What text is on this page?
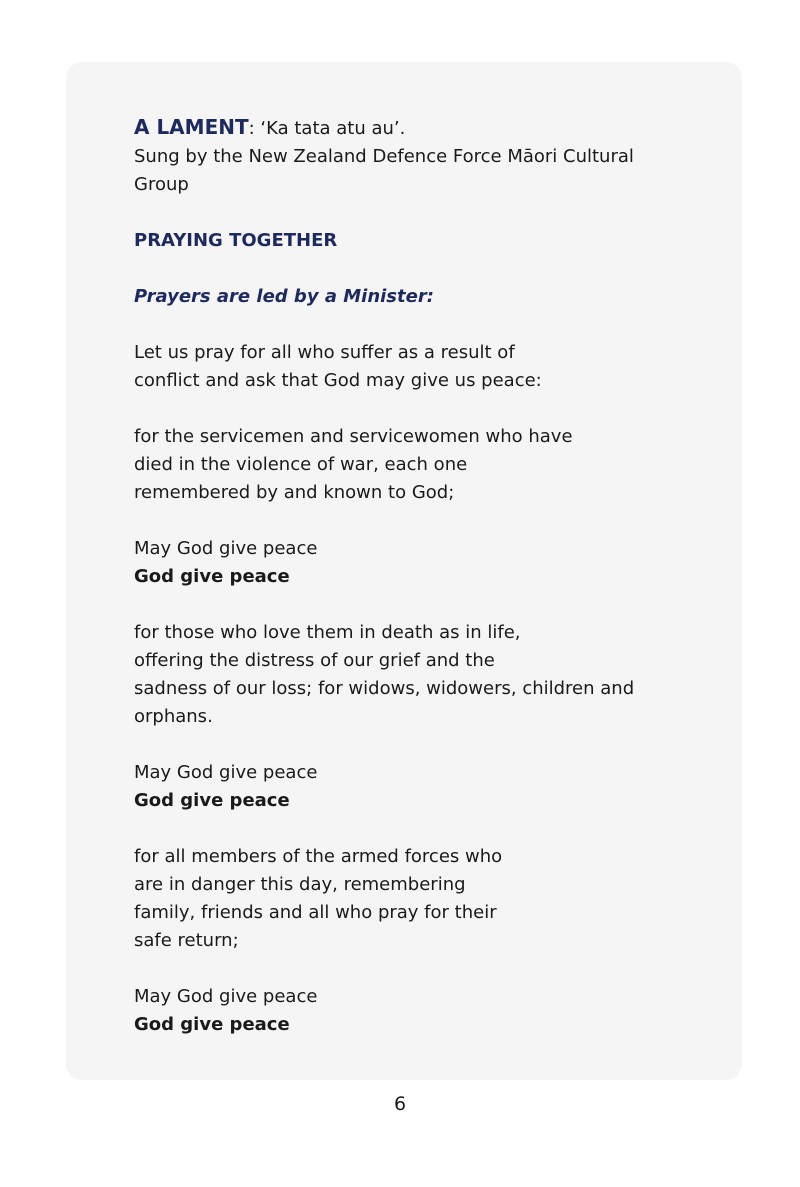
A LAMENT: ‘Ka tata atu au’.

Sung by the New Zealand Defence Force Māori Cultural
Group

PRAYING TOGETHER

Prayers are led by a Minister:

Let us pray for all who suffer as a result of
conflict and ask that God may give us peace:
for the servicemen and servicewomen who have
died in the violence of war, each one
remembered by and known to God;
May God give peace
God give peace
for those who love them in death as in life,
offering the distress of our grief and the
sadness of our loss; for widows, widowers, children and
orphans.
May God give peace
God give peace
for all members of the armed forces who
are in danger this day, remembering
family, friends and all who pray for their
safe return;
May God give peace
God give peace
6
